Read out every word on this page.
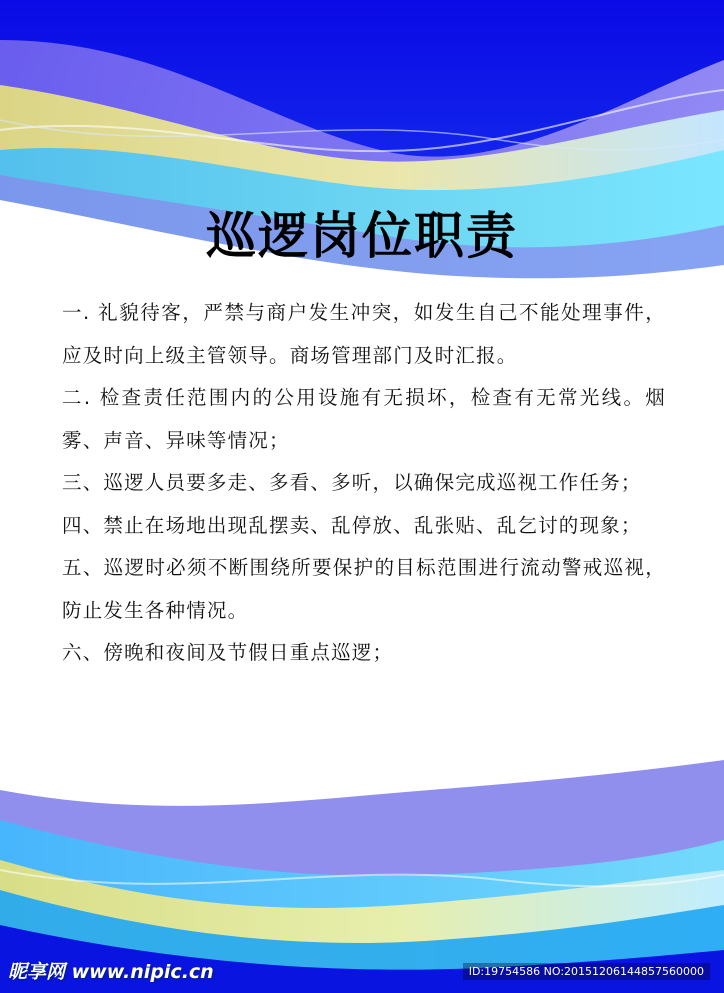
巡逻岗位职责

一. 礼貌待客，严禁与商户发生冲突，如发生自己不能处理事件，应及时向上级主管领导。商场管理部门及时汇报。

二. 检查责任范围内的公用设施有无损坏，检查有无常光线。烟雾、声音、异味等情况；

三、巡逻人员要多走、多看、多听，以确保完成巡视工作任务；

四、禁止在场地出现乱摆卖、乱停放、乱张贴、乱乞讨的现象；

五、巡逻时必须不断围绕所要保护的目标范围进行流动警戒巡视，防止发生各种情况。

六、傍晚和夜间及节假日重点巡逻；

昵享网 www.nipic.cn	ID:19754586 NO:20151206144857560000
